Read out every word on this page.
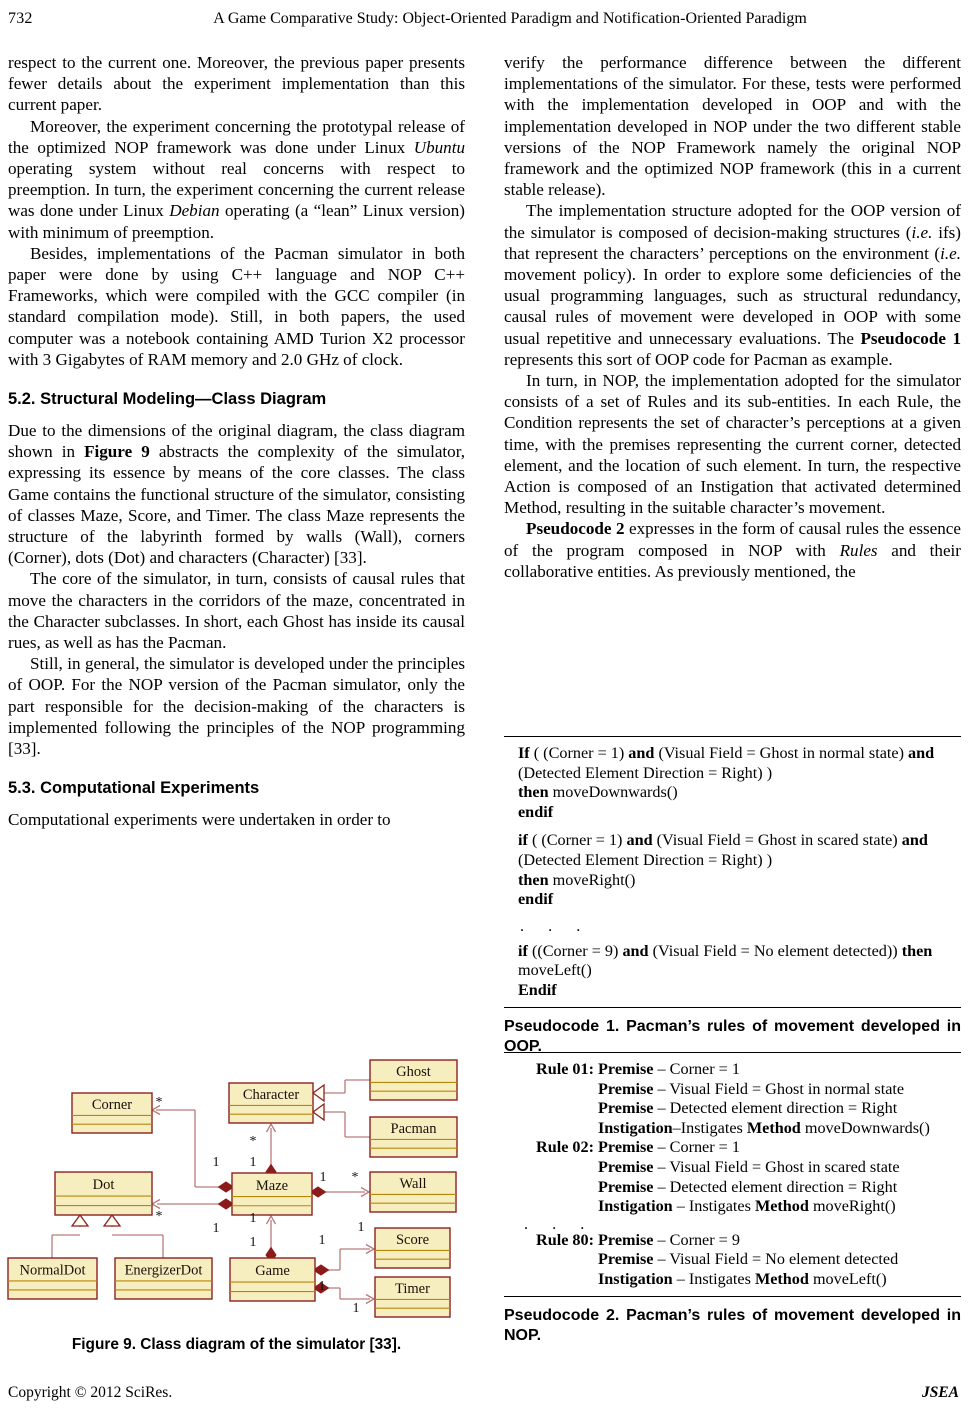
732	A Game Comparative Study: Object-Oriented Paradigm and Notification-Oriented Paradigm

respect to the current one. Moreover, the previous paper presents fewer details about the experiment implementation than this current paper.

Moreover, the experiment concerning the prototypal release of the optimized NOP framework was done under Linux Ubuntu operating system without real concerns with respect to preemption. In turn, the experiment concerning the current release was done under Linux Debian operating (a “lean” Linux version) with minimum of preemption.

Besides, implementations of the Pacman simulator in both paper were done by using C++ language and NOP C++ Frameworks, which were compiled with the GCC compiler (in standard compilation mode). Still, in both papers, the used computer was a notebook containing AMD Turion X2 processor with 3 Gigabytes of RAM memory and 2.0 GHz of clock.

5.2. Structural Modeling—Class Diagram

Due to the dimensions of the original diagram, the class diagram shown in Figure 9 abstracts the complexity of the simulator, expressing its essence by means of the core classes. The class Game contains the functional structure of the simulator, consisting of classes Maze, Score, and Timer. The class Maze represents the structure of the labyrinth formed by walls (Wall), corners (Corner), dots (Dot) and characters (Character) [33].

The core of the simulator, in turn, consists of causal rules that move the characters in the corridors of the maze, concentrated in the Character subclasses. In short, each Ghost has inside its causal rues, as well as has the Pacman.

Still, in general, the simulator is developed under the principles of OOP. For the NOP version of the Pacman simulator, only the part responsible for the decision-making of the characters is implemented following the principles of the NOP programming [33].

5.3. Computational Experiments

Computational experiments were undertaken in order to

verify the performance difference between the different implementations of the simulator. For these, tests were performed with the implementation developed in OOP and with the implementation developed in NOP under the two different stable versions of the NOP Framework namely the original NOP framework and the optimized NOP framework (this in a current stable release).

The implementation structure adopted for the OOP version of the simulator is composed of decision-making structures (i.e. ifs) that represent the characters’ perceptions on the environment (i.e. movement policy). In order to explore some deficiencies of the usual programming languages, such as structural redundancy, causal rules of movement were developed in OOP with some usual repetitive and unnecessary evaluations. The Pseudocode 1 represents this sort of OOP code for Pacman as example.

In turn, in NOP, the implementation adopted for the simulator consists of a set of Rules and its sub-entities. In each Rule, the Condition represents the set of character’s perceptions at a given time, with the premises representing the current corner, detected element, and the location of such element. In turn, the respective Action is composed of an Instigation that activated determined Method, resulting in the suitable character’s movement.

Pseudocode 2 expresses in the form of causal rules the essence of the program composed in NOP with Rules and their collaborative entities. As previously mentioned, the

If ( (Corner = 1) and (Visual Field = Ghost in normal state) and
(Detected Element Direction = Right) )
then moveDownwards()
endif
if ( (Corner = 1) and (Visual Field = Ghost in scared state) and
(Detected Element Direction = Right) )
then moveRight()
endif
. . .
if ((Corner = 9) and (Visual Field = No element detected)) then
moveLeft()
Endif
Pseudocode 1. Pacman’s rules of movement developed in OOP.
Rule 01: Premise – Corner = 1
Premise – Visual Field = Ghost in normal state
Premise – Detected element direction = Right
Instigation–Instigates Method moveDownwards()
Rule 02: Premise – Corner = 1
Premise – Visual Field = Ghost in scared state
Premise – Detected element direction = Right
Instigation – Instigates Method moveRight()
. . .
Rule 80: Premise – Corner = 9
Premise – Visual Field = No element detected
Instigation – Instigates Method moveLeft()
Pseudocode 2. Pacman’s rules of movement developed in NOP.
Corner
Character
Ghost
Pacman
Dot	Maze	Wall
Score
Timer
NormalDot	EnergizerDot	Game
*
*
1
1
1
*
1 *
1
1	1
1
1
1
Figure 9. Class diagram of the simulator [33].
Copyright © 2012 SciRes.	JSEA
